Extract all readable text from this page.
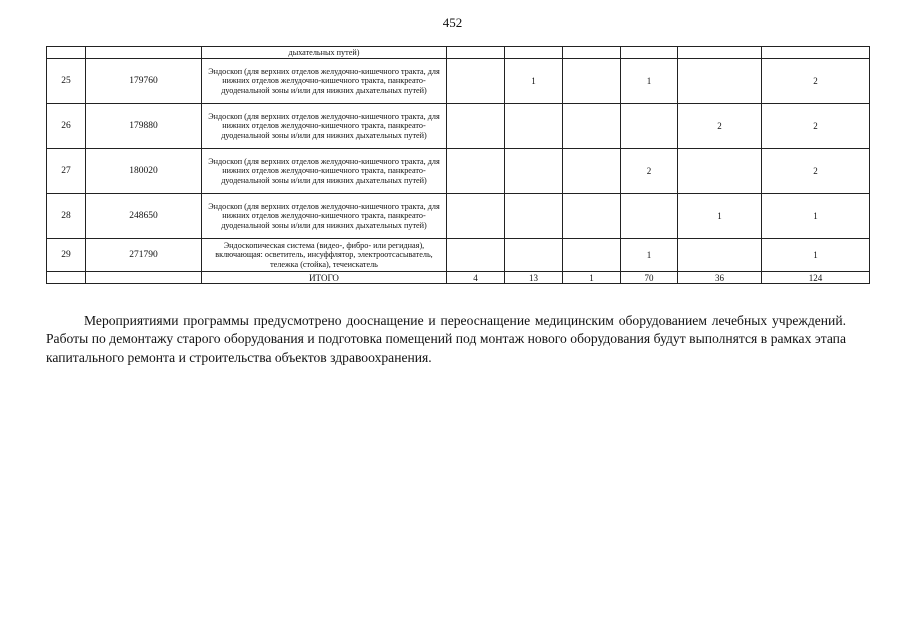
452
		дыхательных путей)						
25	179760	Эндоскоп (для верхних отделов желудочно-кишечного тракта, для нижних отделов желудочно-кишечного тракта, панкреато-дуоденальной зоны и/или для нижних дыхательных путей)		1		1		2
26	179880	Эндоскоп (для верхних отделов желудочно-кишечного тракта, для нижних отделов желудочно-кишечного тракта, панкреато-дуоденальной зоны и/или для нижних дыхательных путей)					2	2
27	180020	Эндоскоп (для верхних отделов желудочно-кишечного тракта, для нижних отделов желудочно-кишечного тракта, панкреато-дуоденальной зоны и/или для нижних дыхательных путей)				2		2
28	248650	Эндоскоп (для верхних отделов желудочно-кишечного тракта, для нижних отделов желудочно-кишечного тракта, панкреато-дуоденальной зоны и/или для нижних дыхательных путей)					1	1
29	271790	Эндоскопическая система (видео-, фибро- или регидная), включающая: осветитель, инсуффлятор, электроотсасыватель, тележка (стойка), течеискатель				1		1
		ИТОГО	4	13	1	70	36	124

Мероприятиями программы предусмотрено дооснащение и переоснащение медицинским оборудованием лечебных учреждений. Работы по демонтажу старого оборудования и подготовка помещений под монтаж нового оборудования будут выполнятся в рамках этапа капитального ремонта и строительства объектов здравоохранения.
